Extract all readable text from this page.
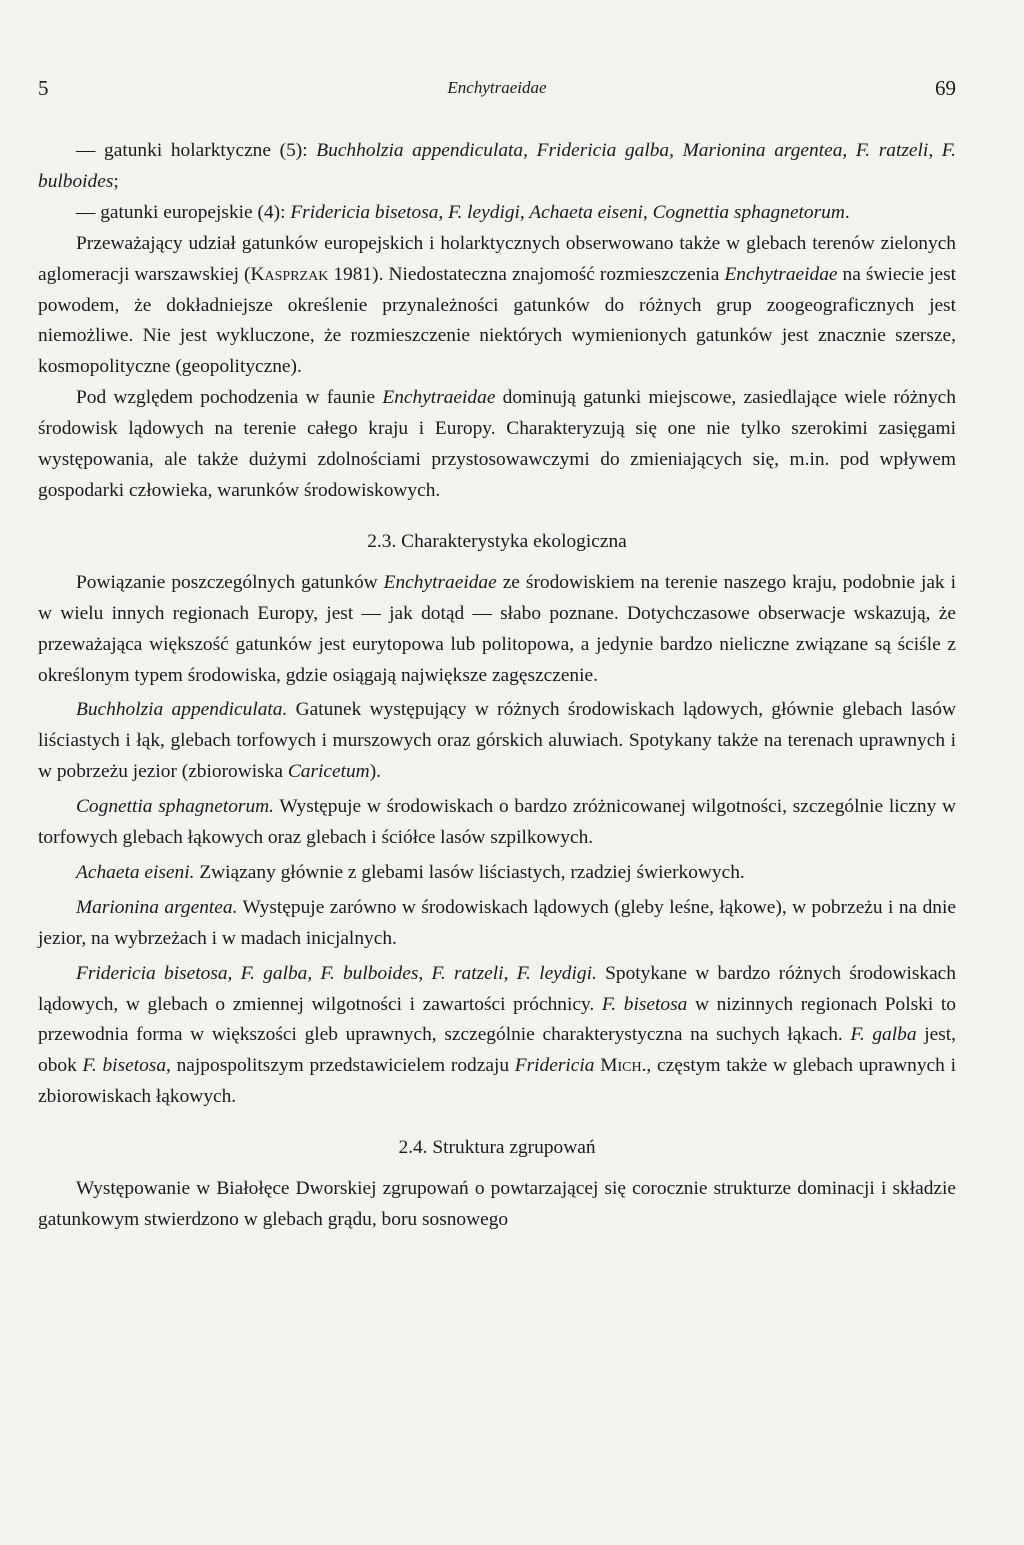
5	Enchytraeidae	69

— gatunki holarktyczne (5): Buchholzia appendiculata, Fridericia galba, Marionina argentea, F. ratzeli, F. bulboides;

— gatunki europejskie (4): Fridericia bisetosa, F. leydigi, Achaeta eiseni, Cognettia sphagnetorum.

Przeważający udział gatunków europejskich i holarktycznych obserwowano także w glebach terenów zielonych aglomeracji warszawskiej (Kasprzak 1981). Niedostateczna znajomość rozmieszczenia Enchytraeidae na świecie jest powodem, że dokładniejsze określenie przynależności gatunków do różnych grup zoogeograficznych jest niemożliwe. Nie jest wykluczone, że rozmieszczenie niektórych wymienionych gatunków jest znacznie szersze, kosmopolityczne (geopolityczne).

Pod względem pochodzenia w faunie Enchytraeidae dominują gatunki miejscowe, zasiedlające wiele różnych środowisk lądowych na terenie całego kraju i Europy. Charakteryzują się one nie tylko szerokimi zasięgami występowania, ale także dużymi zdolnościami przystosowawczymi do zmieniających się, m.in. pod wpływem gospodarki człowieka, warunków środowiskowych.

2.3. Charakterystyka ekologiczna

Powiązanie poszczególnych gatunków Enchytraeidae ze środowiskiem na terenie naszego kraju, podobnie jak i w wielu innych regionach Europy, jest — jak dotąd — słabo poznane. Dotychczasowe obserwacje wskazują, że przeważająca większość gatunków jest eurytopowa lub politopowa, a jedynie bardzo nieliczne związane są ściśle z określonym typem środowiska, gdzie osiągają największe zagęszczenie.

Buchholzia appendiculata. Gatunek występujący w różnych środowiskach lądowych, głównie glebach lasów liściastych i łąk, glebach torfowych i murszowych oraz górskich aluwiach. Spotykany także na terenach uprawnych i w pobrzeżu jezior (zbiorowiska Caricetum).

Cognettia sphagnetorum. Występuje w środowiskach o bardzo zróżnicowanej wilgotności, szczególnie liczny w torfowych glebach łąkowych oraz glebach i ściółce lasów szpilkowych.

Achaeta eiseni. Związany głównie z glebami lasów liściastych, rzadziej świerkowych.

Marionina argentea. Występuje zarówno w środowiskach lądowych (gleby leśne, łąkowe), w pobrzeżu i na dnie jezior, na wybrzeżach i w madach inicjalnych.

Fridericia bisetosa, F. galba, F. bulboides, F. ratzeli, F. leydigi. Spotykane w bardzo różnych środowiskach lądowych, w glebach o zmiennej wilgotności i zawartości próchnicy. F. bisetosa w nizinnych regionach Polski to przewodnia forma w większości gleb uprawnych, szczególnie charakterystyczna na suchych łąkach. F. galba jest, obok F. bisetosa, najpospolitszym przedstawicielem rodzaju Fridericia Mich., częstym także w glebach uprawnych i zbiorowiskach łąkowych.

2.4. Struktura zgrupowań

Występowanie w Białołęce Dworskiej zgrupowań o powtarzającej się corocznie strukturze dominacji i składzie gatunkowym stwierdzono w glebach grądu, boru sosnowego
